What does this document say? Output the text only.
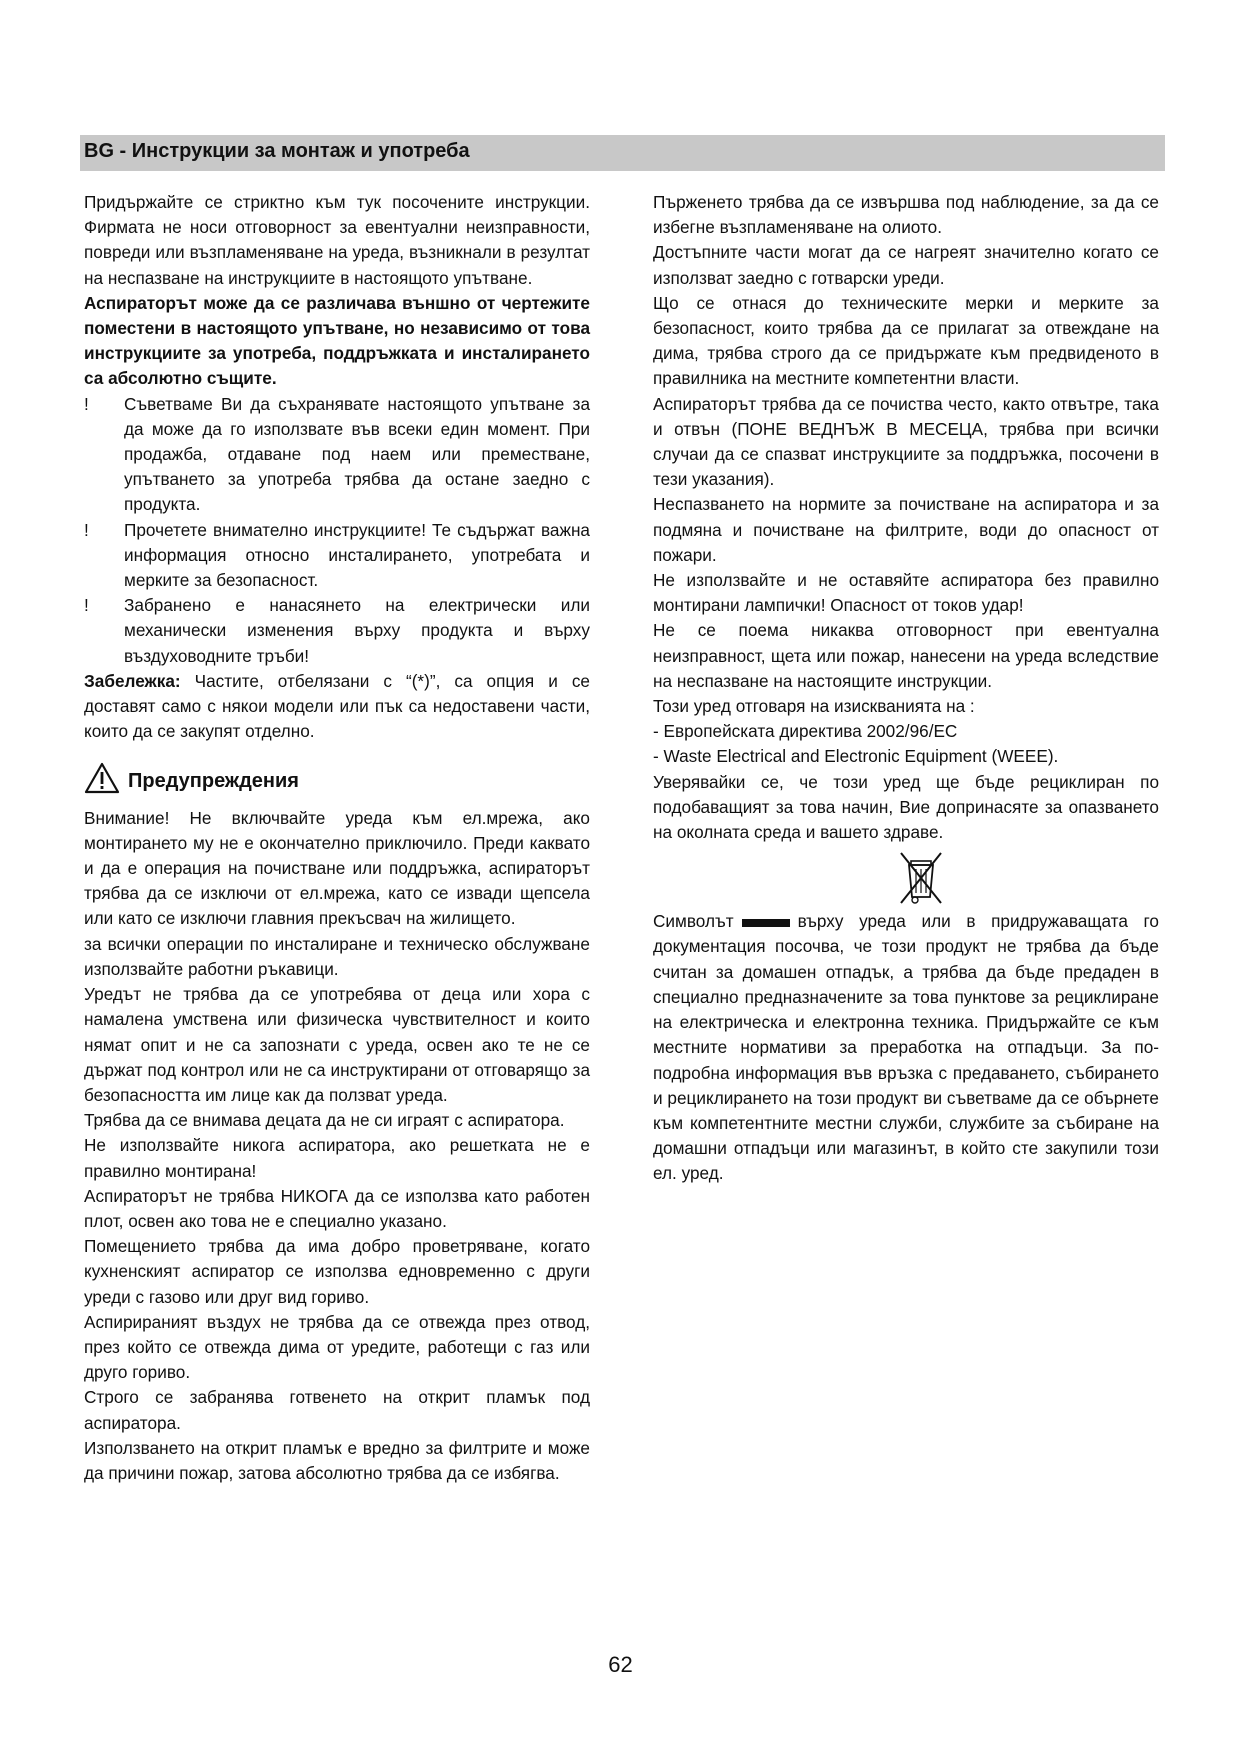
BG - Инструкции за монтаж и употреба

Придържайте се стриктно към тук посочените инструкции. Фирмата не носи отговорност за евентуални неизправности, повреди или възпламеняване на уреда, възникнали в резултат на неспазване на инструкциите в настоящото упътване.

Аспираторът може да се различава външно от чертежите поместени в настоящото упътване, но независимо от това инструкциите за употреба, поддръжката и инсталирането са абсолютно същите.

!	Съветваме Ви да съхранявате настоящото упътване за да може да го използвате във всеки един момент. При продажба, отдаване под наем или преместване, упътването за употреба трябва да остане заедно с продукта.
!	Прочетете внимателно инструкциите! Те съдържат важна информация относно инсталирането, употребата и мерките за безопасност.
!	Забранено е нанасянето на електрически или механически изменения върху продукта и върху въздуховодните тръби!

Забележка: Частите, отбелязани с “(*)”, са опция и се доставят само с някои модели или пък са недоставени части, които да се закупят отделно.

Предупреждения

Внимание! Не включвайте уреда към ел.мрежа, ако монтирането му не е окончателно приключило. Преди каквато и да е операция на почистване или поддръжка, аспираторът трябва да се изключи от ел.мрежа, като се извади щепсела или като се изключи главния прекъсвач на жилището.

за всички операции по инсталиране и техническо обслужване използвайте работни ръкавици.

Уредът не трябва да се употребява от деца или хора с намалена умствена или физическа чувствителност и които нямат опит и не са запознати с уреда, освен ако те не се държат под контрол или не са инструктирани от отговарящо за безопасността им лице как да ползват уреда.

Трябва да се внимава децата да не си играят с аспиратора.

Не използвайте никога аспиратора, ако решетката не е правилно монтирана!

Аспираторът не трябва НИКОГА да се използва като работен плот, освен ако това не е специално указано.

Помещението трябва да има добро проветряване, когато кухненският аспиратор се използва едновременно с други уреди с газово или друг вид гориво.

Аспирираният въздух не трябва да се отвежда през отвод, през който се отвежда дима от уредите, работещи с газ или друго гориво.

Строго се забранява готвенето на открит пламък под аспиратора.

Използването на открит пламък е вредно за филтрите и може да причини пожар, затова абсолютно трябва да се избягва.

Пърженето трябва да се извършва под наблюдение, за да се избегне възпламеняване на олиото.

Достъпните части могат да се нагреят значително когато се използват заедно с готварски уреди.

Що се отнася до техническите мерки и мерките за безопасност, които трябва да се прилагат за отвеждане на дима, трябва строго да се придържате към предвиденото в правилника на местните компетентни власти.

Аспираторът трябва да се почиства често, както отвътре, така и отвън (ПОНЕ ВЕДНЪЖ В МЕСЕЦА, трябва при всички случаи да се спазват инструкциите за поддръжка, посочени в тези указания).

Неспазването на нормите за почистване на аспиратора и за подмяна и почистване на филтрите, води до опасност от пожари.

Не използвайте и не оставяйте аспиратора без правилно монтирани лампички! Опасност от токов удар!

Не се поема никаква отговорност при евентуална неизправност, щета или пожар, нанесени на уреда вследствие на неспазване на настоящите инструкции.

Този уред отговаря на изискванията на :

- Европейската директива 2002/96/EC

- Waste Electrical and Electronic Equipment (WEEE).

Уверявайки се, че този уред ще бъде рециклиран по подобаващият за това начин, Вие допринасяте за опазването на околната среда и вашето здраве.

Символът	върху уреда или в придружаващата го документация посочва, че този продукт не трябва да бъде считан за домашен отпадък, а трябва да бъде предаден в специално предназначените за това пунктове за рециклиране на електрическа и електронна техника. Придържайте се към местните нормативи за преработка на отпадъци. За по-подробна информация във връзка с предаването, събирането и рециклирането на този продукт ви съветваме да се обърнете към компетентните местни служби, службите за събиране на домашни отпадъци или магазинът, в който сте закупили този ел. уред.

62
